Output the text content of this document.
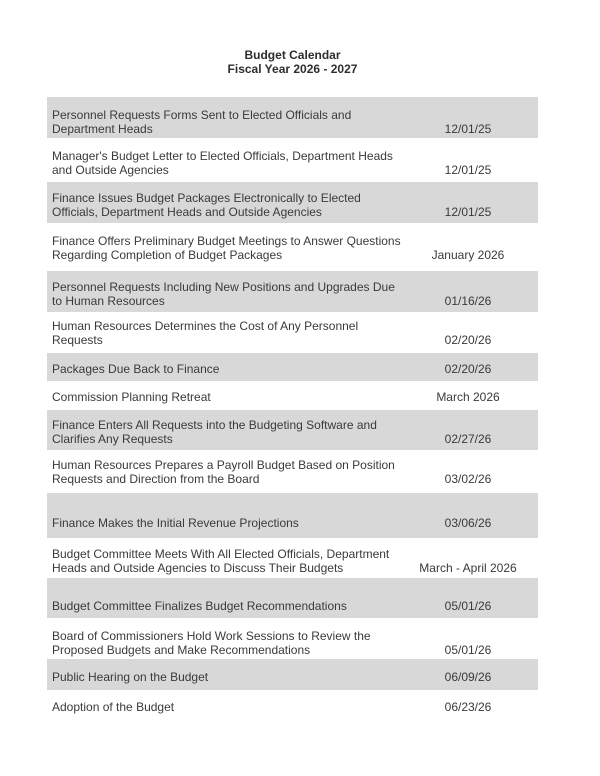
Budget Calendar
Fiscal Year 2026 - 2027
Personnel Requests Forms Sent to Elected Officials and
Department Heads	12/01/25
Manager's Budget Letter to Elected Officials, Department Heads
and Outside Agencies	12/01/25
Finance Issues Budget Packages Electronically to Elected
Officials, Department Heads and Outside Agencies	12/01/25
Finance Offers Preliminary Budget Meetings to Answer Questions
Regarding Completion of Budget Packages	January 2026
Personnel Requests Including New Positions and Upgrades Due
to Human Resources	01/16/26
Human Resources Determines the Cost of Any Personnel
Requests	02/20/26
Packages Due Back to Finance	02/20/26
Commission Planning Retreat	March 2026
Finance Enters All Requests into the Budgeting Software and
Clarifies Any Requests	02/27/26
Human Resources Prepares a Payroll Budget Based on Position
Requests and Direction from the Board	03/02/26
Finance Makes the Initial Revenue Projections	03/06/26
Budget Committee Meets With All Elected Officials, Department
Heads and Outside Agencies to Discuss Their Budgets	March - April 2026
Budget Committee Finalizes Budget Recommendations	05/01/26
Board of Commissioners Hold Work Sessions to Review the
Proposed Budgets and Make Recommendations	05/01/26
Public Hearing on the Budget	06/09/26
Adoption of the Budget	06/23/26
